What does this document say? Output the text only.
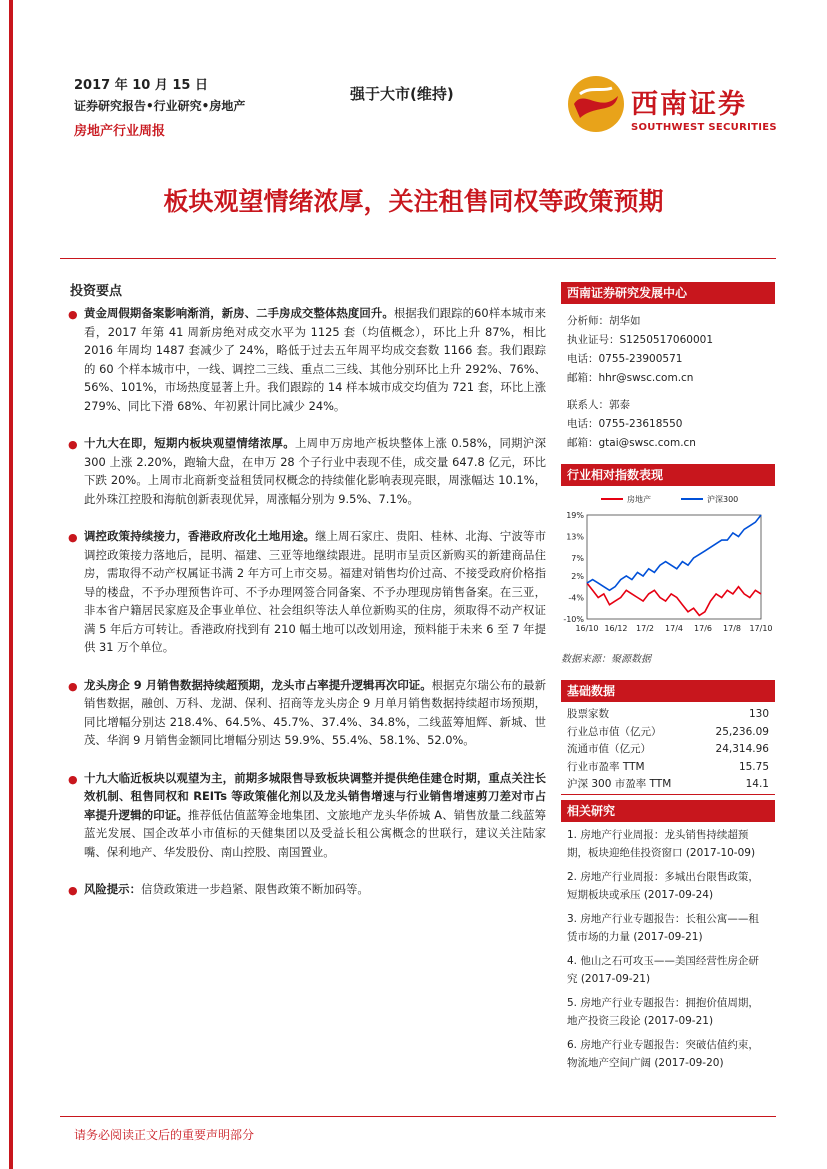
2017 年 10 月 15 日
证券研究报告•行业研究•房地产
房地产行业周报
强于大市(维持)	西南证券
SOUTHWEST SECURITIES
板块观望情绪浓厚，关注租售同权等政策预期
投资要点
● 黄金周假期备案影响渐消，新房、二手房成交整体热度回升。根据我们跟踪的60样本城市来看，2017 年第 41 周新房绝对成交水平为 1125 套（均值概念），环比上升 87%，相比 2016 年周均 1487 套减少了 24%，略低于过去五年周平均成交套数 1166 套。我们跟踪的 60 个样本城市中，一线、调控二三线、重点二三线、其他分别环比上升 292%、76%、56%、101%，市场热度显著上升。我们跟踪的 14 样本城市成交均值为 721 套，环比上涨 279%、同比下滑 68%、年初累计同比减少 24%。
● 十九大在即，短期内板块观望情绪浓厚。上周申万房地产板块整体上涨 0.58%，同期沪深 300 上涨 2.20%，跑输大盘，在申万 28 个子行业中表现不佳，成交量 647.8 亿元，环比下跌 20%。上周市北商新变益租赁同权概念的持续催化影响表现亮眼，周涨幅达 10.1%，此外珠江控股和海航创新表现优异，周涨幅分别为 9.5%、7.1%。
● 调控政策持续接力，香港政府改化土地用途。继上周石家庄、贵阳、桂林、北海、宁波等市调控政策接力落地后，昆明、福建、三亚等地继续跟进。昆明市呈贡区新购买的新建商品住房，需取得不动产权属证书满 2 年方可上市交易。福建对销售均价过高、不接受政府价格指导的楼盘，不予办理预售许可、不予办理网签合同备案、不予办理现房销售备案。在三亚，非本省户籍居民家庭及企事业单位、社会组织等法人单位新购买的住房，须取得不动产权证满 5 年后方可转让。香港政府找到有 210 幅土地可以改划用途，预料能于未来 6 至 7 年提供 31 万个单位。
● 龙头房企 9 月销售数据持续超预期，龙头市占率提升逻辑再次印证。根据克尔瑞公布的最新销售数据，融创、万科、龙湖、保利、招商等龙头房企 9 月单月销售数据持续超市场预期，同比增幅分别达 218.4%、64.5%、45.7%、37.4%、34.8%，二线蓝筹旭辉、新城、世茂、华润 9 月销售金额同比增幅分别达 59.9%、55.4%、58.1%、52.0%。
● 十九大临近板块以观望为主，前期多城限售导致板块调整并提供绝佳建仓时期，重点关注长效机制、租售同权和 REITs 等政策催化剂以及龙头销售增速与行业销售增速剪刀差对市占率提升逻辑的印证。推荐低估值蓝筹金地集团、文旅地产龙头华侨城 A、销售放量二线蓝筹蓝光发展、国企改革小市值标的天健集团以及受益长租公寓概念的世联行，建议关注陆家嘴、保利地产、华发股份、南山控股、南国置业。
● 风险提示：信贷政策进一步趋紧、限售政策不断加码等。
西南证券研究发展中心
分析师：胡华如
执业证号：S1250517060001
电话：0755-23900571
邮箱：hhr@swsc.com.cn
联系人：郭泰
电话：0755-23618550
邮箱：gtai@swsc.com.cn
行业相对指数表现
19%
13%
7%
2%
-4%
-10%
16/10 16/12 17/2 17/4 17/6 17/8 17/10
房地产	沪深300
数据来源：聚源数据
基础数据
股票家数	130
行业总市值（亿元）	25,236.09
流通市值（亿元）	24,314.96
行业市盈率 TTM	15.75
沪深 300 市盈率 TTM	14.1
相关研究
1. 房地产行业周报：龙头销售持续超预期，板块迎绝佳投资窗口 (2017-10-09)
2. 房地产行业周报：多城出台限售政策，短期板块或承压 (2017-09-24)
3. 房地产行业专题报告：长租公寓——租赁市场的力量 (2017-09-21)
4. 他山之石可攻玉——美国经营性房企研究 (2017-09-21)
5. 房地产行业专题报告：拥抱价值周期，地产投资三段论 (2017-09-21)
6. 房地产行业专题报告：突破估值约束，物流地产空间广阔 (2017-09-20)
请务必阅读正文后的重要声明部分
